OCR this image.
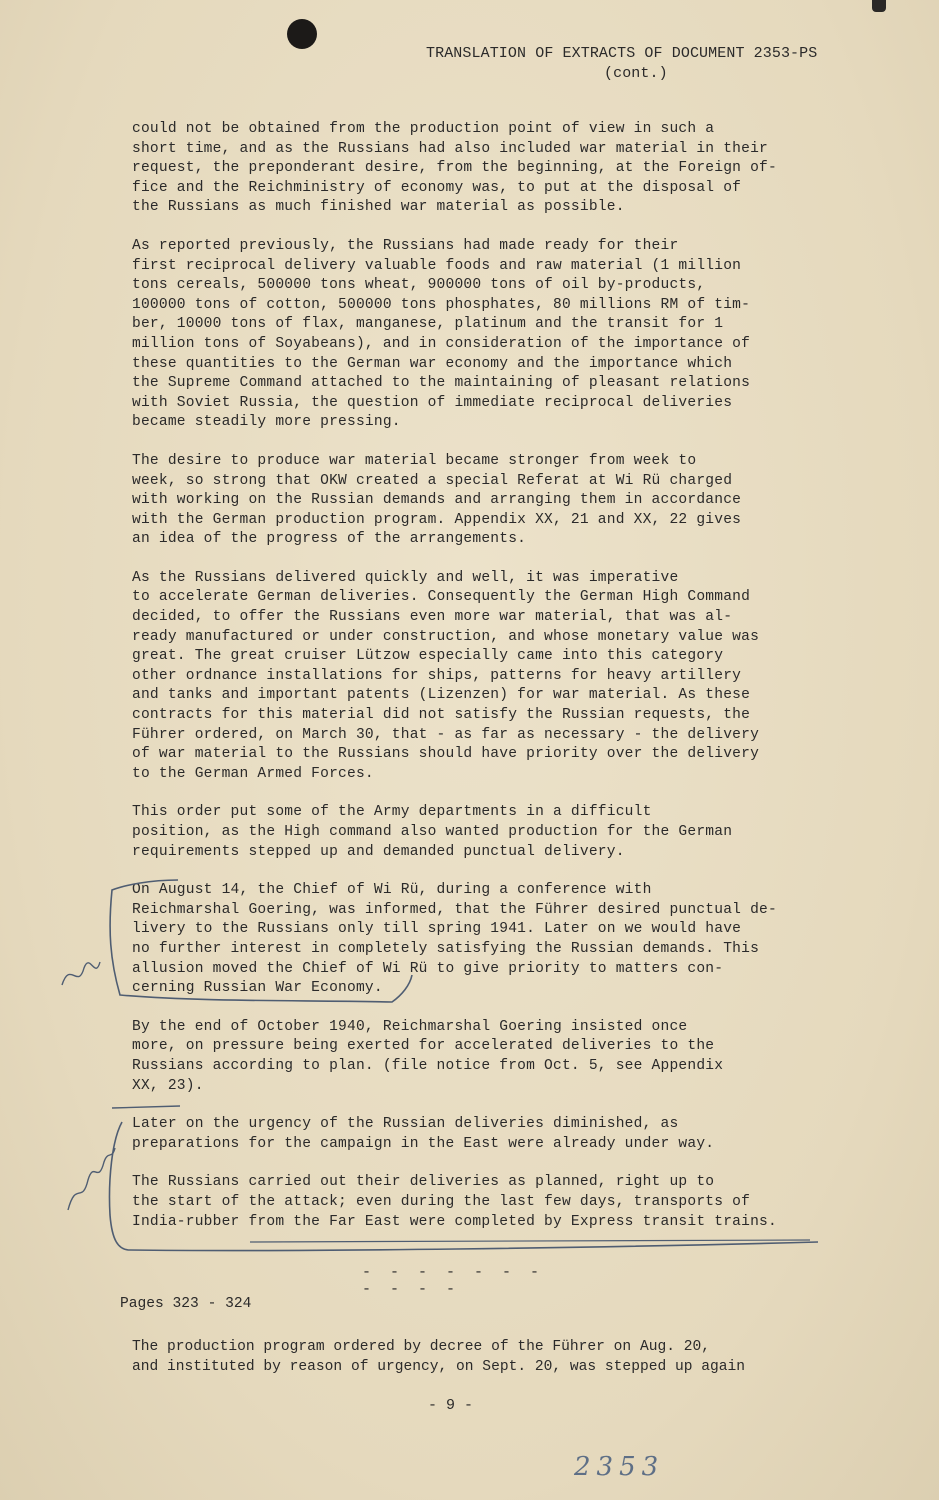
TRANSLATION OF EXTRACTS OF DOCUMENT 2353-PS
(cont.)

could not be obtained from the production point of view in such a
short time, and as the Russians had also included war material in their
request, the preponderant desire, from the beginning, at the Foreign of-
fice and the Reichministry of economy was, to put at the disposal of
the Russians as much finished war material as possible.

As reported previously, the Russians had made ready for their
first reciprocal delivery valuable foods and raw material (1 million
tons cereals, 500000 tons wheat, 900000 tons of oil by-products,
100000 tons of cotton, 500000 tons phosphates, 80 millions RM of tim-
ber, 10000 tons of flax, manganese, platinum and the transit for 1
million tons of Soyabeans), and in consideration of the importance of
these quantities to the German war economy and the importance which
the Supreme Command attached to the maintaining of pleasant relations
with Soviet Russia, the question of immediate reciprocal deliveries
became steadily more pressing.

The desire to produce war material became stronger from week to
week, so strong that OKW created a special Referat at Wi Rü charged
with working on the Russian demands and arranging them in accordance
with the German production program. Appendix XX, 21 and XX, 22 gives
an idea of the progress of the arrangements.

As the Russians delivered quickly and well, it was imperative
to accelerate German deliveries. Consequently the German High Command
decided, to offer the Russians even more war material, that was al-
ready manufactured or under construction, and whose monetary value was
great. The great cruiser Lützow especially came into this category
other ordnance installations for ships, patterns for heavy artillery
and tanks and important patents (Lizenzen) for war material. As these
contracts for this material did not satisfy the Russian requests, the
Führer ordered, on March 30, that - as far as necessary - the delivery
of war material to the Russians should have priority over the delivery
to the German Armed Forces.

This order put some of the Army departments in a difficult
position, as the High command also wanted production for the German
requirements stepped up and demanded punctual delivery.

On August 14, the Chief of Wi Rü, during a conference with
Reichmarshal Goering, was informed, that the Führer desired punctual de-
livery to the Russians only till spring 1941. Later on we would have
no further interest in completely satisfying the Russian demands. This
allusion moved the Chief of Wi Rü to give priority to matters con-
cerning Russian War Economy.

By the end of October 1940, Reichmarshal Goering insisted once
more, on pressure being exerted for accelerated deliveries to the
Russians according to plan. (file notice from Oct. 5, see Appendix
XX, 23).

Later on the urgency of the Russian deliveries diminished, as
preparations for the campaign in the East were already under way.

The Russians carried out their deliveries as planned, right up to
the start of the attack; even during the last few days, transports of
India-rubber from the Far East were completed by Express transit trains.

- - - - - - - - - - -
Pages 323 - 324
The production program ordered by decree of the Führer on Aug. 20,
and instituted by reason of urgency, on Sept. 20, was stepped up again
- 9 -
2353
